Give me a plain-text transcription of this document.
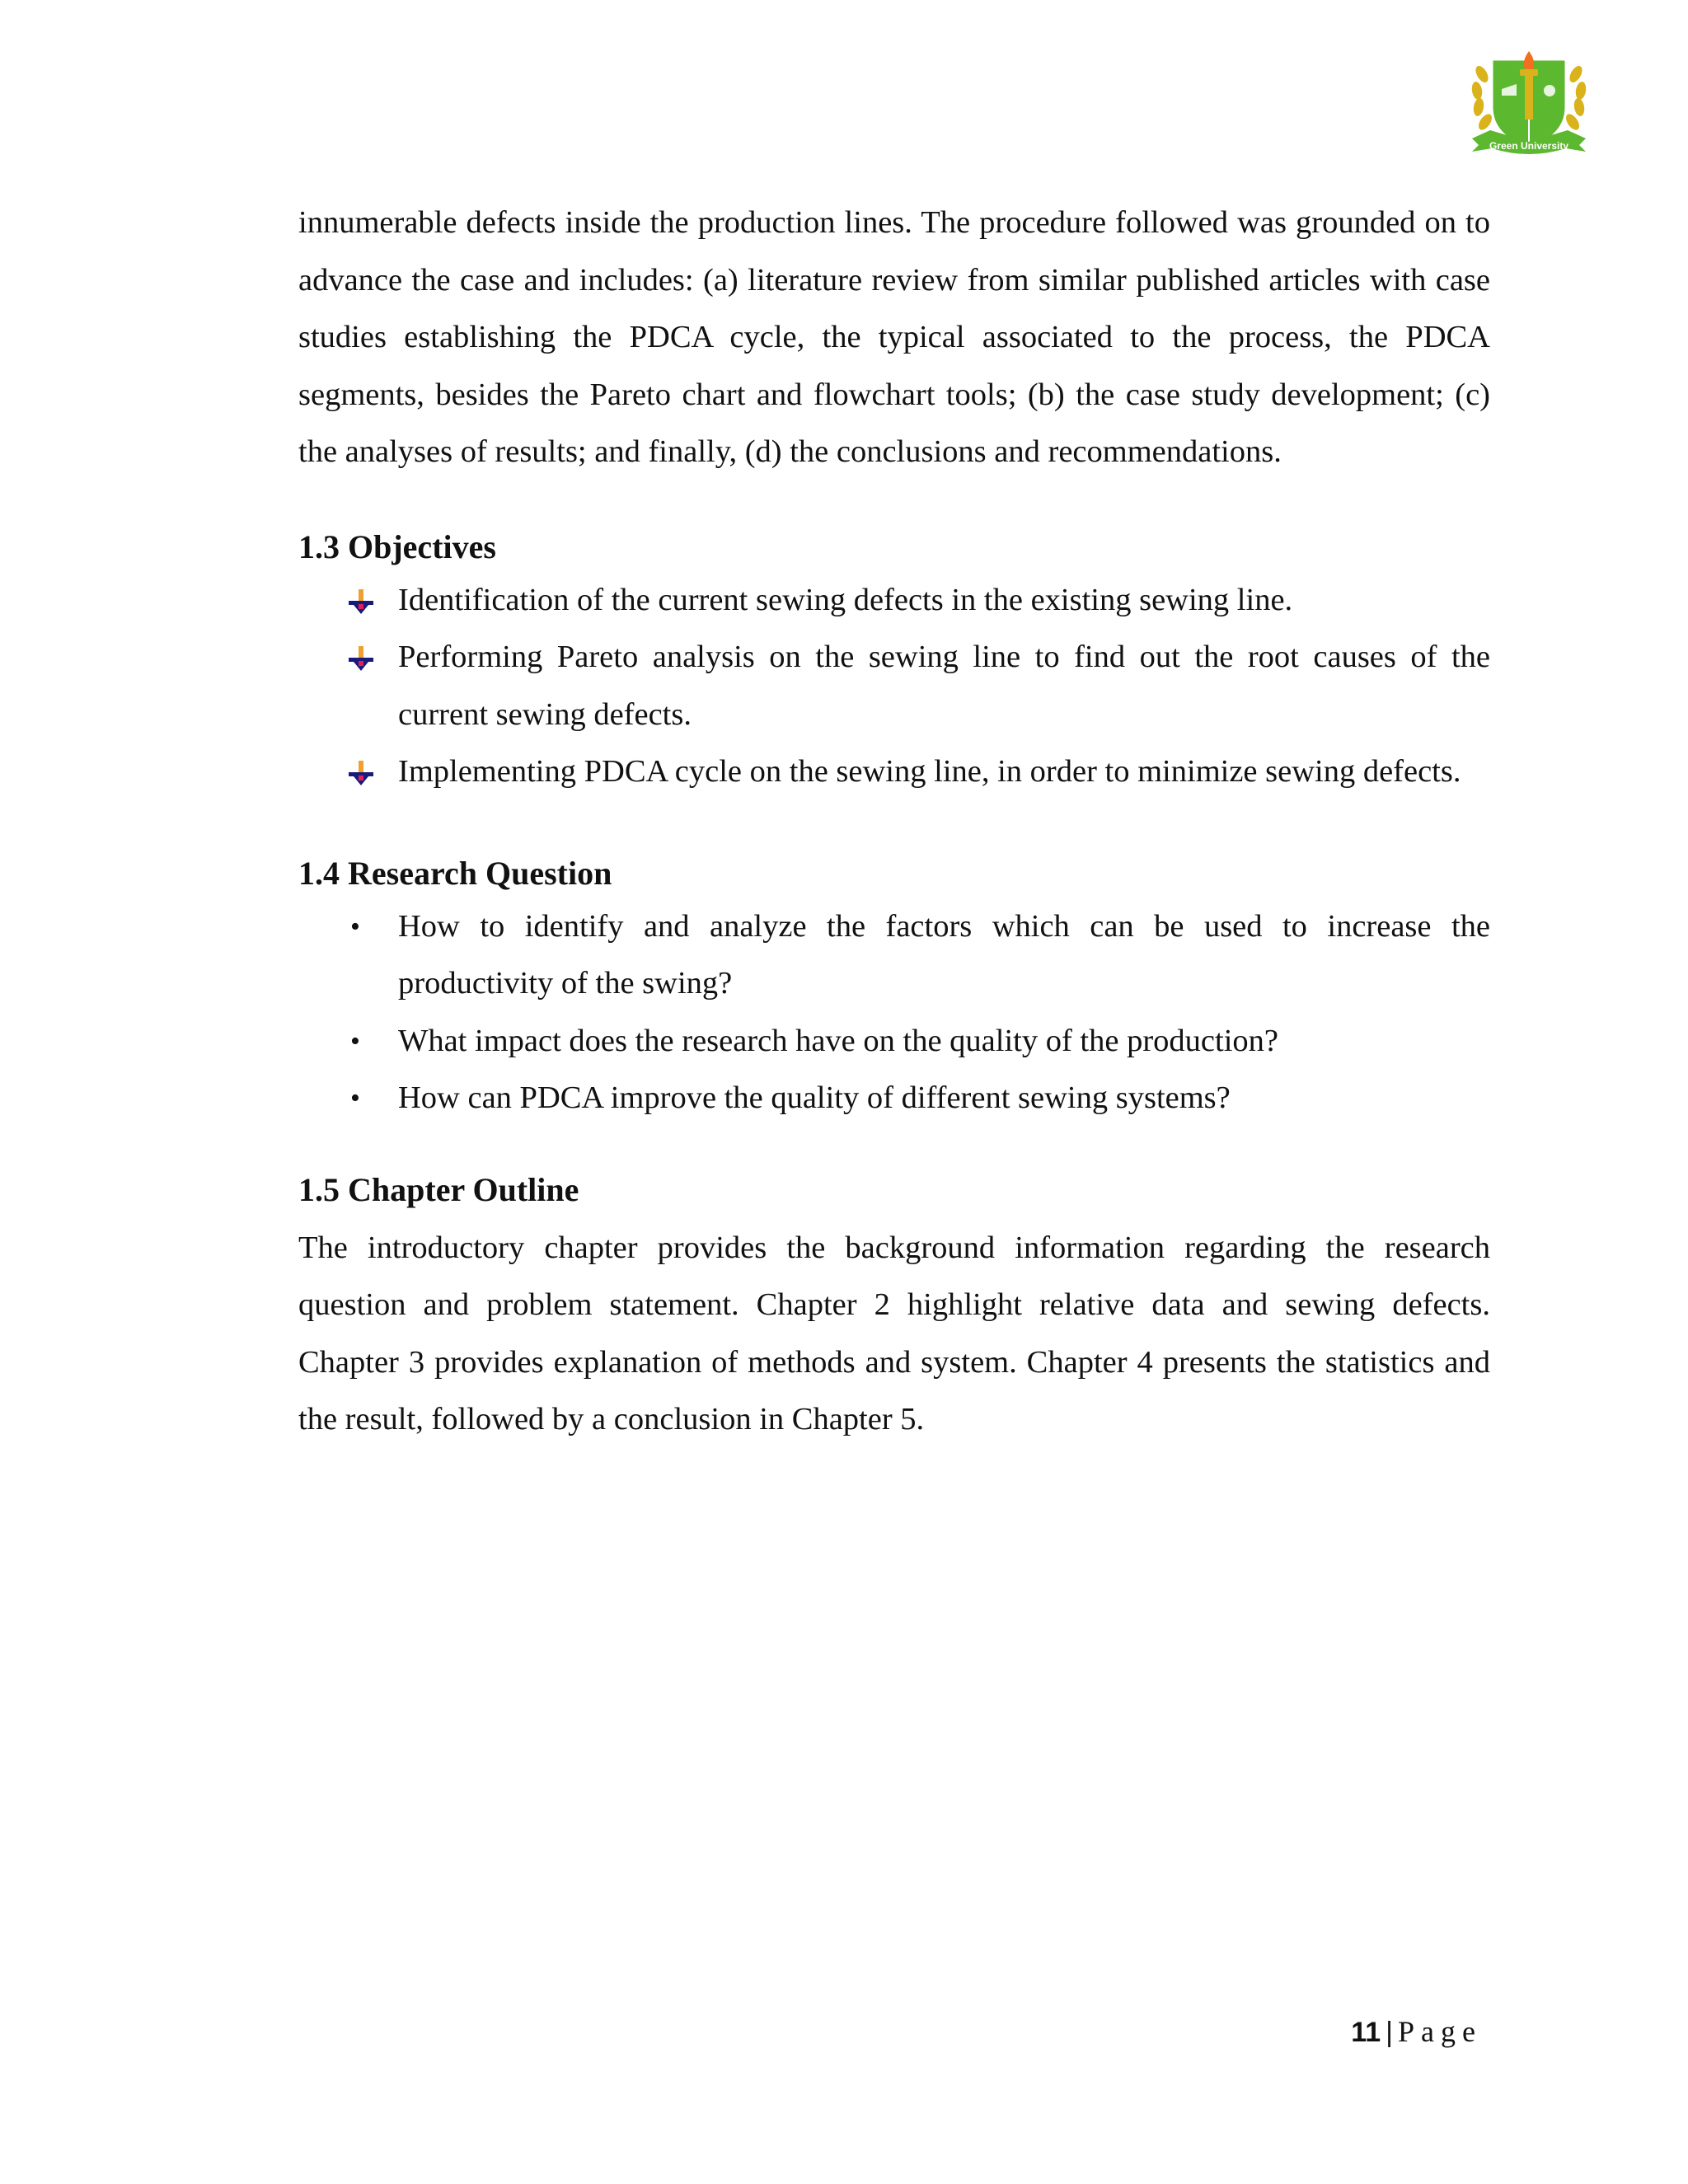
Green University

innumerable defects inside the production lines. The procedure followed was grounded on to advance the case and includes: (a) literature review from similar published articles with case studies establishing the PDCA cycle, the typical associated to the process, the PDCA segments, besides the Pareto chart and flowchart tools; (b) the case study development; (c) the analyses of results; and finally, (d) the conclusions and recommendations.

1.3 Objectives
Identification of the current sewing defects in the existing sewing line.
Performing Pareto analysis on the sewing line to find out the root causes of the current sewing defects.
Implementing PDCA cycle on the sewing line, in order to minimize sewing defects.
1.4 Research Question
• How to identify and analyze the factors which can be used to increase the productivity of the swing?
• What impact does the research have on the quality of the production?
• How can PDCA improve the quality of different sewing systems?
1.5 Chapter Outline

The introductory chapter provides the background information regarding the research question and problem statement. Chapter 2 highlight relative data and sewing defects. Chapter 3 provides explanation of methods and system. Chapter 4 presents the statistics and the result, followed by a conclusion in Chapter 5.

11 | Page
